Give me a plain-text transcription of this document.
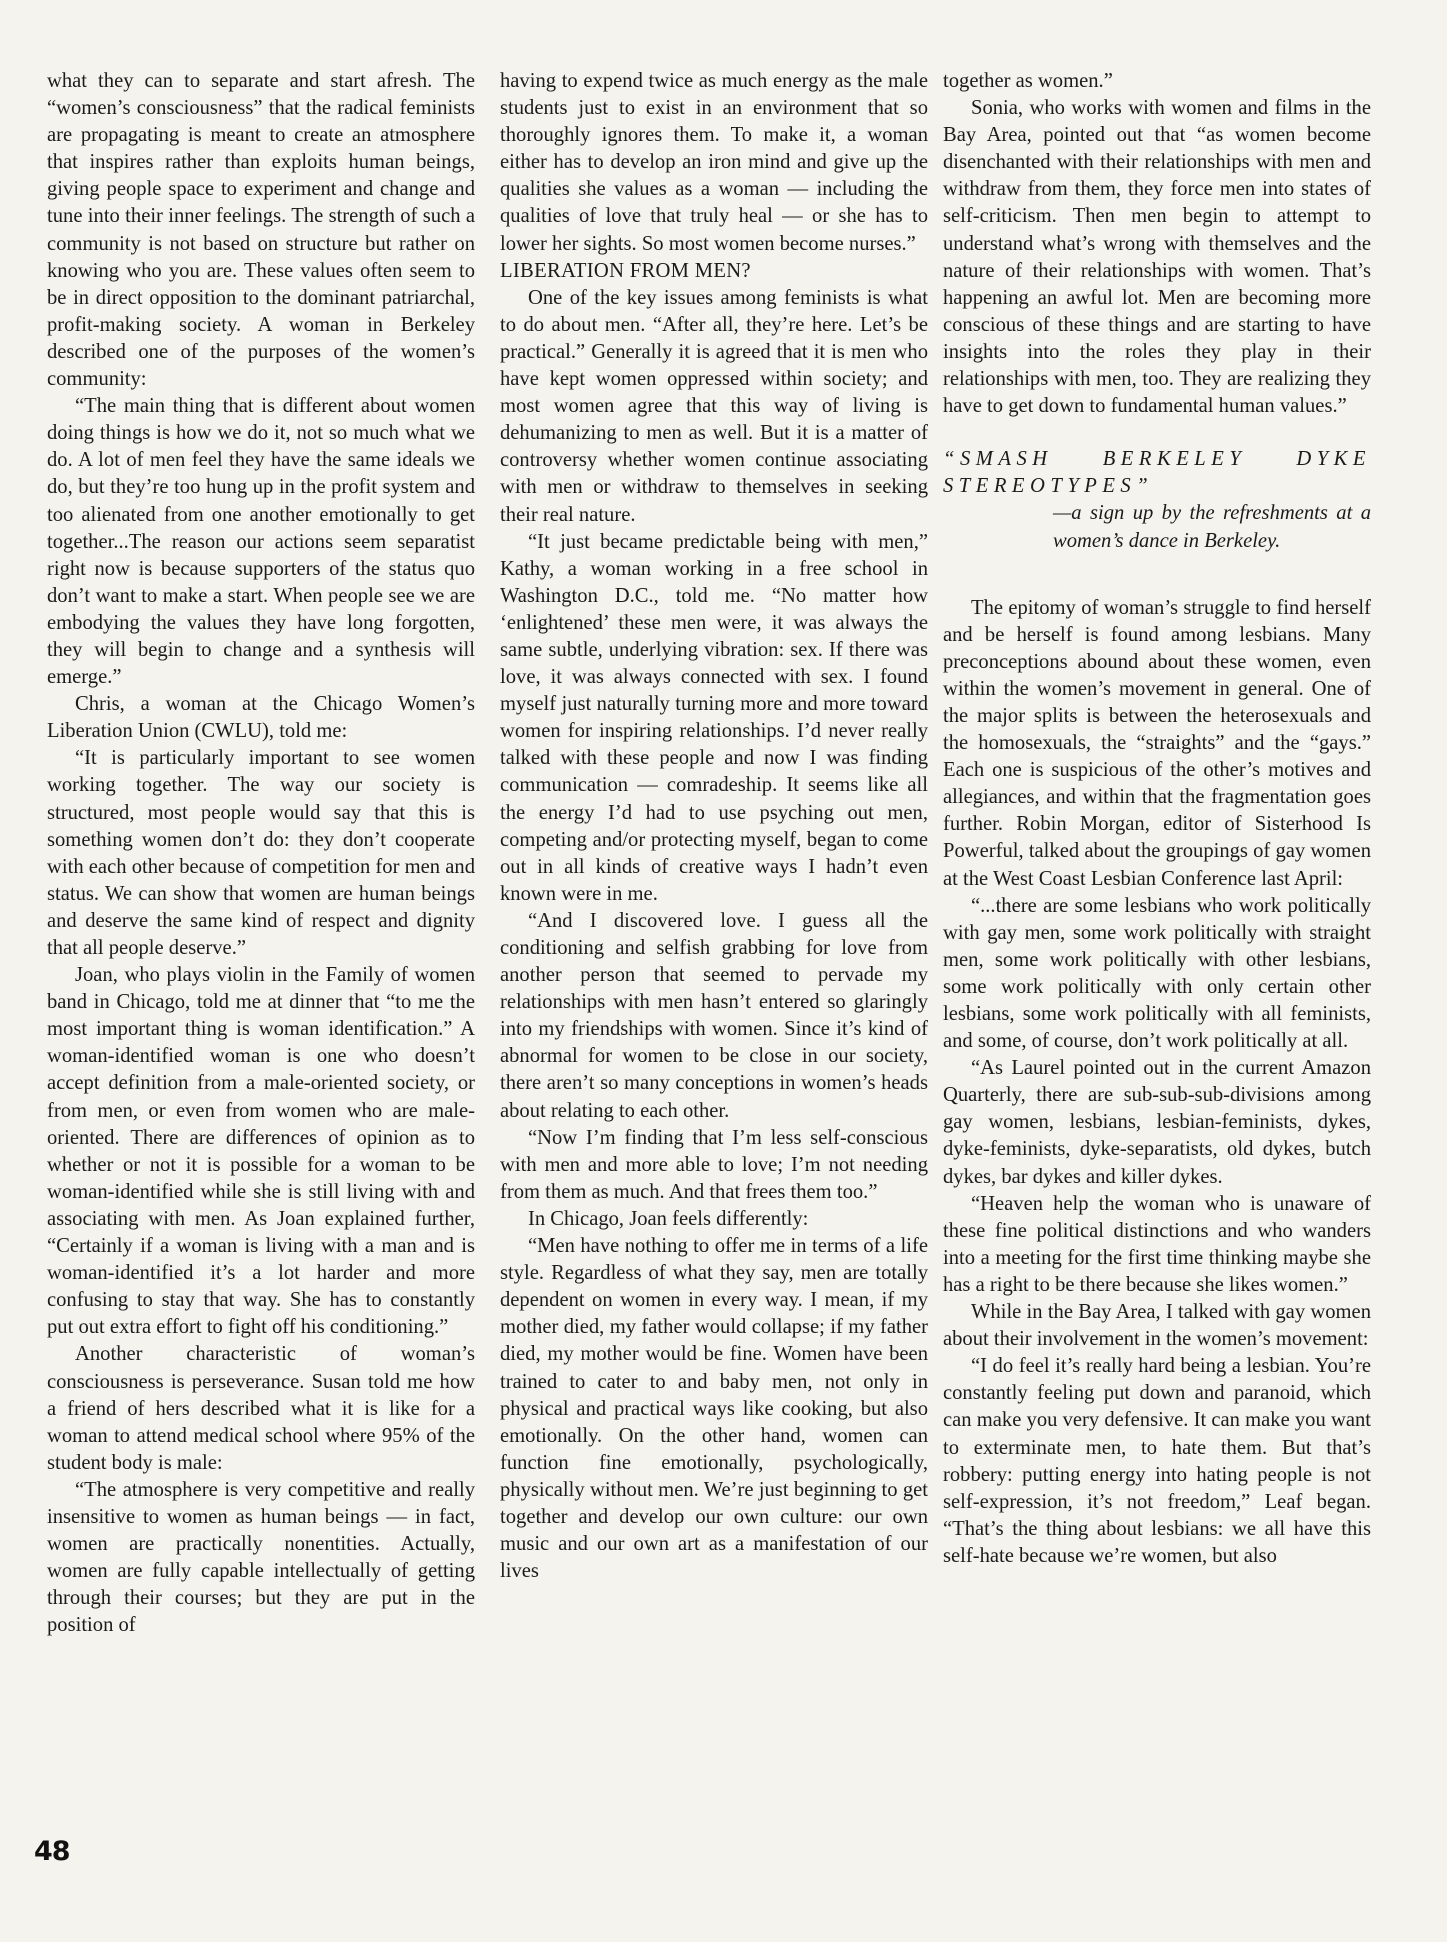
what they can to separate and start afresh. The “women’s consciousness” that the radical feminists are propagating is meant to create an atmosphere that inspires rather than exploits human beings, giving people space to experiment and change and tune into their inner feelings. The strength of such a community is not based on structure but rather on knowing who you are. These values often seem to be in direct opposition to the dominant patriarchal, profit-making society. A woman in Berkeley described one of the purposes of the women’s community:

“The main thing that is different about women doing things is how we do it, not so much what we do. A lot of men feel they have the same ideals we do, but they’re too hung up in the profit system and too alienated from one another emotionally to get together...The reason our actions seem separatist right now is because supporters of the status quo don’t want to make a start. When people see we are embodying the values they have long forgotten, they will begin to change and a synthesis will emerge.”

Chris, a woman at the Chicago Women’s Liberation Union (CWLU), told me:

“It is particularly important to see women working together. The way our society is structured, most people would say that this is something women don’t do: they don’t cooperate with each other because of competition for men and status. We can show that women are human beings and deserve the same kind of respect and dignity that all people deserve.”

Joan, who plays violin in the Family of women band in Chicago, told me at dinner that “to me the most important thing is woman identification.” A woman-identified woman is one who doesn’t accept definition from a male-oriented society, or from men, or even from women who are male-oriented. There are differences of opinion as to whether or not it is possible for a woman to be woman-identified while she is still living with and associating with men. As Joan explained further, “Certainly if a woman is living with a man and is woman-identified it’s a lot harder and more confusing to stay that way. She has to constantly put out extra effort to fight off his conditioning.”

Another characteristic of woman’s consciousness is perseverance. Susan told me how a friend of hers described what it is like for a woman to attend medical school where 95% of the student body is male:

“The atmosphere is very competitive and really insensitive to women as human beings — in fact, women are practically nonentities. Actually, women are fully capable intellectually of getting through their courses; but they are put in the position of

having to expend twice as much energy as the male students just to exist in an environment that so thoroughly ignores them. To make it, a woman either has to develop an iron mind and give up the qualities she values as a woman — including the qualities of love that truly heal — or she has to lower her sights. So most women become nurses.”

LIBERATION FROM MEN?

One of the key issues among feminists is what to do about men. “After all, they’re here. Let’s be practical.” Generally it is agreed that it is men who have kept women oppressed within society; and most women agree that this way of living is dehumanizing to men as well. But it is a matter of controversy whether women continue associating with men or withdraw to themselves in seeking their real nature.

“It just became predictable being with men,” Kathy, a woman working in a free school in Washington D.C., told me. “No matter how ‘enlightened’ these men were, it was always the same subtle, underlying vibration: sex. If there was love, it was always connected with sex. I found myself just naturally turning more and more toward women for inspiring relationships. I’d never really talked with these people and now I was finding communication — comradeship. It seems like all the energy I’d had to use psyching out men, competing and/or protecting myself, began to come out in all kinds of creative ways I hadn’t even known were in me.

“And I discovered love. I guess all the conditioning and selfish grabbing for love from another person that seemed to pervade my relationships with men hasn’t entered so glaringly into my friendships with women. Since it’s kind of abnormal for women to be close in our society, there aren’t so many conceptions in women’s heads about relating to each other.

“Now I’m finding that I’m less self-conscious with men and more able to love; I’m not needing from them as much. And that frees them too.”

In Chicago, Joan feels differently:

“Men have nothing to offer me in terms of a life style. Regardless of what they say, men are totally dependent on women in every way. I mean, if my mother died, my father would collapse; if my father died, my mother would be fine. Women have been trained to cater to and baby men, not only in physical and practical ways like cooking, but also emotionally. On the other hand, women can function fine emotionally, psychologically, physically without men. We’re just beginning to get together and develop our own culture: our own music and our own art as a manifestation of our lives

together as women.”

Sonia, who works with women and films in the Bay Area, pointed out that “as women become disenchanted with their relationships with men and withdraw from them, they force men into states of self-criticism. Then men begin to attempt to understand what’s wrong with themselves and the nature of their relationships with women. That’s happening an awful lot. Men are becoming more conscious of these things and are starting to have insights into the roles they play in their relationships with men, too. They are realizing they have to get down to fundamental human values.”

“SMASH BERKELEY DYKE STEREOTYPES”
—a sign up by the refreshments at a women’s dance in Berkeley.

The epitomy of woman’s struggle to find herself and be herself is found among lesbians. Many preconceptions abound about these women, even within the women’s movement in general. One of the major splits is between the heterosexuals and the homosexuals, the “straights” and the “gays.” Each one is suspicious of the other’s motives and allegiances, and within that the fragmentation goes further. Robin Morgan, editor of Sisterhood Is Powerful, talked about the groupings of gay women at the West Coast Lesbian Conference last April:

“...there are some lesbians who work politically with gay men, some work politically with straight men, some work politically with other lesbians, some work politically with only certain other lesbians, some work politically with all feminists, and some, of course, don’t work politically at all.

“As Laurel pointed out in the current Amazon Quarterly, there are sub-sub-sub-divisions among gay women, lesbians, lesbian-feminists, dykes, dyke-feminists, dyke-separatists, old dykes, butch dykes, bar dykes and killer dykes.

“Heaven help the woman who is unaware of these fine political distinctions and who wanders into a meeting for the first time thinking maybe she has a right to be there because she likes women.”

While in the Bay Area, I talked with gay women about their involvement in the women’s movement:

“I do feel it’s really hard being a lesbian. You’re constantly feeling put down and paranoid, which can make you very defensive. It can make you want to exterminate men, to hate them. But that’s robbery: putting energy into hating people is not self-expression, it’s not freedom,” Leaf began. “That’s the thing about lesbians: we all have this self-hate because we’re women, but also

48
